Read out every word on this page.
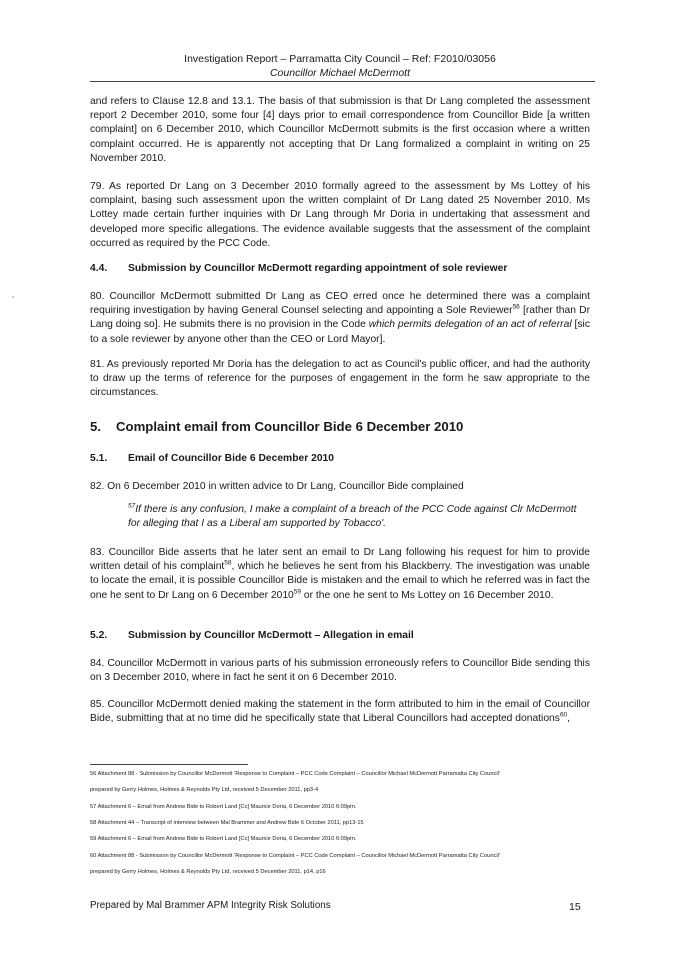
Investigation Report – Parramatta City Council – Ref: F2010/03056
Councillor Michael McDermott

and refers to Clause 12.8 and 13.1. The basis of that submission is that Dr Lang completed the assessment report 2 December 2010, some four [4] days prior to email correspondence from Councillor Bide [a written complaint] on 6 December 2010, which Councillor McDermott submits is the first occasion where a written complaint occurred. He is apparently not accepting that Dr Lang formalized a complaint in writing on 25 November 2010.

79. As reported Dr Lang on 3 December 2010 formally agreed to the assessment by Ms Lottey of his complaint, basing such assessment upon the written complaint of Dr Lang dated 25 November 2010. Ms Lottey made certain further inquiries with Dr Lang through Mr Doria in undertaking that assessment and developed more specific allegations. The evidence available suggests that the assessment of the complaint occurred as required by the PCC Code.

4.4. Submission by Councillor McDermott regarding appointment of sole reviewer

80. Councillor McDermott submitted Dr Lang as CEO erred once he determined there was a complaint requiring investigation by having General Counsel selecting and appointing a Sole Reviewer$^{56}$ [rather than Dr Lang doing so]. He submits there is no provision in the Code which permits delegation of an act of referral [sic to a sole reviewer by anyone other than the CEO or Lord Mayor].

81. As previously reported Mr Doria has the delegation to act as Council's public officer, and had the authority to draw up the terms of reference for the purposes of engagement in the form he saw appropriate to the circumstances.

5. Complaint email from Councillor Bide 6 December 2010
5.1. Email of Councillor Bide 6 December 2010

82. On 6 December 2010 in written advice to Dr Lang, Councillor Bide complained

$^{57}$If there is any confusion, I make a complaint of a breach of the PCC Code against Clr McDermott for alleging that I as a Liberal am supported by Tobacco'.

83. Councillor Bide asserts that he later sent an email to Dr Lang following his request for him to provide written detail of his complaint$^{58}$, which he believes he sent from his Blackberry. The investigation was unable to locate the email, it is possible Councillor Bide is mistaken and the email to which he referred was in fact the one he sent to Dr Lang on 6 December 2010$^{59}$ or the one he sent to Ms Lottey on 16 December 2010.

5.2. Submission by Councillor McDermott – Allegation in email

84. Councillor McDermott in various parts of his submission erroneously refers to Councillor Bide sending this on 3 December 2010, where in fact he sent it on 6 December 2010.

85. Councillor McDermott denied making the statement in the form attributed to him in the email of Councillor Bide, submitting that at no time did he specifically state that Liberal Councillors had accepted donations$^{60}$,

56 Attachment 88 - Submission by Councillor McDermott 'Response to Complaint – PCC Code Complaint – Councillor Michael McDermott Parramatta City Council'
prepared by Gerry Holmes, Holmes & Reynolds Pty Ltd, received 5 December 2011, pp3-4
57 Attachment 6 – Email from Andrew Bide to Robert Land [Cc] Maurice Doria, 6 December 2010 6:09pm.
58 Attachment 44 – Transcript of interview between Mal Brammer and Andrew Bide 6 October 2011, pp13-15
59 Attachment 6 – Email from Andrew Bide to Robert Land [Cc] Maurice Doria, 6 December 2010 6:09pm.
60 Attachment 88 - Submission by Councillor McDermott 'Response to Complaint – PCC Code Complaint – Councillor Michael McDermott Parramatta City Council'
prepared by Gerry Holmes, Holmes & Reynolds Pty Ltd, received 5 December 2011, p14, p16
Prepared by Mal Brammer APM Integrity Risk Solutions	15
